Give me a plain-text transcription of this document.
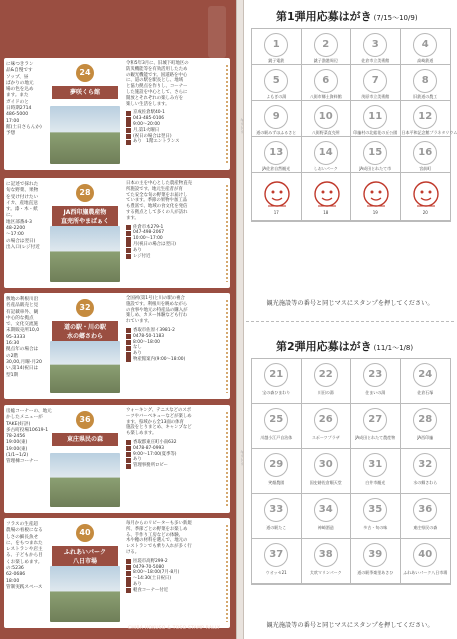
に味つきラン
品&自慢です
ソップ、昼
ばかりの地元
場の色を込め
ます。また
ガイドのと
日時期2714
486-5000
17:00
館(土日さらんか)
予想
24
夢咲くら館
令和5年3月に、旧城下町地区の
防災機能等を有効活用したため
の観光機能です。国道路を中心
に、道の駅を駅長とし、地域
と協力拠点を作りし、コーナー
した施設を中心として、さらに
開放とそれぞれの楽しみ方を
楽しい生活をします。
京成佐倉駅40-1
043-485-0106
9:00～20:00
月,第1火曜日
(祝日の場合は翌日)
あり　1階エントランス
に記述で採れた
旬な野菜、果物
を受け付けたい
イカ、産地直送
す。漆・木・紙
に。
地区部番4-3
48-2200
～17:00
の場合は翌日)
出入口(レジ付近
28
JA西印旛農産物
直売所やまばぁく
日本の主を中心とした農産物直売
所施設です。地元生産者が育
てた安全な旬の野菜をお届けし
ています。季節の果物や加工品
も豊富で、地域の食文化を発信
する拠点として多くの人が訪れ
ます。
佐倉市本279-1
047-498-2067
10:00～17:00
月(祝日の場合は翌日)
あり
レジ付近
敷地の利根川沿
名産品販売と見
有記載車外、観
中心的な拠点
で、文化交流施
末期販売所10,0
95-3333
16:30
拠点年の場合は
の2階
30,00,月曜-月20
い,第14(祝日は
型1期
32
道の駅・川の駅
水の郷さわら
全国初(第1号)と川の駅の複合
施設です。利根川を眺めながら
の食事や地元の特産品の購入が
楽しめ、カヌー体験なども行わ
れています。
香取市佐原イ3981-2
0478-50-1183
8:00～18:00
なし
あり
物産館案内(9:00～18:00)
房総コーナーの、地元
かしたメニューが
TAKE(好評)
多古町役場10619-1
78-2456
19:00(東)
19:00(東)
(1/1~1/2)
管理棟コーナー
36
東庄県民の森
ウォーキング、テニスなどのスポ
ーツやバーベキューなどが楽しめ
ます。県域から全13面の体育
施設をとりまとめ、キャンプなど
も楽しめます。
香取郡東庄町小南632
0478-87-0993
9:00～17:00(夏季等)
あり
管理事務所ロビー
フラスの生産超
農場の看板になる
しさの細長魚せ
に、をもつまれた
レストランや店主
る、子どもから目
くお楽しめます。
の:5236
62-0686
18:00
管制実践スペース
40
ふれあいパーク
八日市場
毎月からのリピーターも多い新規
所、季節ごとの野菜をお楽しめ
る、手作り工房などの体験、
木や穂の材料を選んで、地元の
レストランでも乗り入れが多く行
ける。
匝瑳市高野299-2
0479-70-5080
8:00～18:00(7月-8月)
～14:30(土日祝日)
あり
軽食コーナー付近
CHIBA HOKUSO & TOSO STAMP RALLY
第1弾用応募はがき (7/15～10/9)
1
銚子電鉄
2
銚子漁港周辺
3
佐倉市立美術館
4
高崎鉄道
5
よもぎの湯
6
八街市郷土資料館
7
茂原市立美術館
8
旧鉄道の農工
9
道の駅みずほふるさと
10
八街野菜直売所
11
印旛村の北総花の丘公園
12
日本平和記念館プラネタリウム
13
JA佐倉自然観光
14
しおいパーク
15
JA成田とれたて市
16
宮前町
17	18	19	20
観光施設等の番号と同じマスにスタンプを押してください。
キリトリ
キリトリ
第2弾用応募はがき (11/1～1/8)
21
宝の森ひまわり
22
川田の湯
23
住まいの湯
24
佐倉石塚
25
川越小江戸自治体
26
スポーツプラザ
27
JA成田とれたて農産物
28
JA西印旛
29
笑顔農園
30
国史跡佐倉順天堂
31
白井市観光
32
水の郷さわら
33
道の駅たこ
34
神崎酒造
35
多古・旬の味
36
東庄県民の森
37
ウオッセ21
38
犬吠マリンパーク
39
道の駅季楽里あさひ
40
ふれあいパーク八日市場
観光施設等の番号と同じマスにスタンプを押してください。
